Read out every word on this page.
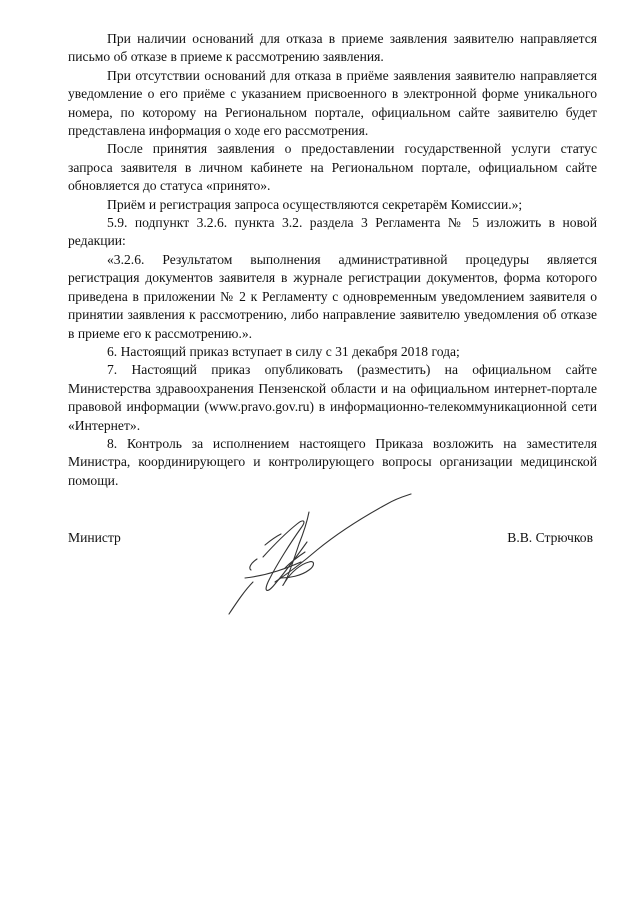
При наличии оснований для отказа в приеме заявления заявителю направляется письмо об отказе в приеме к рассмотрению заявления.

При отсутствии оснований для отказа в приёме заявления заявителю направляется уведомление о его приёме с указанием присвоенного в электронной форме уникального номера, по которому на Региональном портале, официальном сайте заявителю будет представлена информация о ходе его рассмотрения.

После принятия заявления о предоставлении государственной услуги статус запроса заявителя в личном кабинете на Региональном портале, официальном сайте обновляется до статуса «принято».

Приём и регистрация запроса осуществляются секретарём Комиссии.»;

5.9. подпункт 3.2.6. пункта 3.2. раздела 3 Регламента № 5 изложить в новой редакции:

«3.2.6. Результатом выполнения административной процедуры является регистрация документов заявителя в журнале регистрации документов, форма которого приведена в приложении № 2 к Регламенту с одновременным уведомлением заявителя о принятии заявления к рассмотрению, либо направление заявителю уведомления об отказе в приеме его к рассмотрению.».

6. Настоящий приказ вступает в силу с 31 декабря 2018 года;

7. Настоящий приказ опубликовать (разместить) на официальном сайте Министерства здравоохранения Пензенской области и на официальном интернет-портале правовой информации (www.pravo.gov.ru) в информационно-телекоммуникационной сети «Интернет».

8. Контроль за исполнением настоящего Приказа возложить на заместителя Министра, координирующего и контролирующего вопросы организации медицинской помощи.

Министр	В.В. Стрючков
